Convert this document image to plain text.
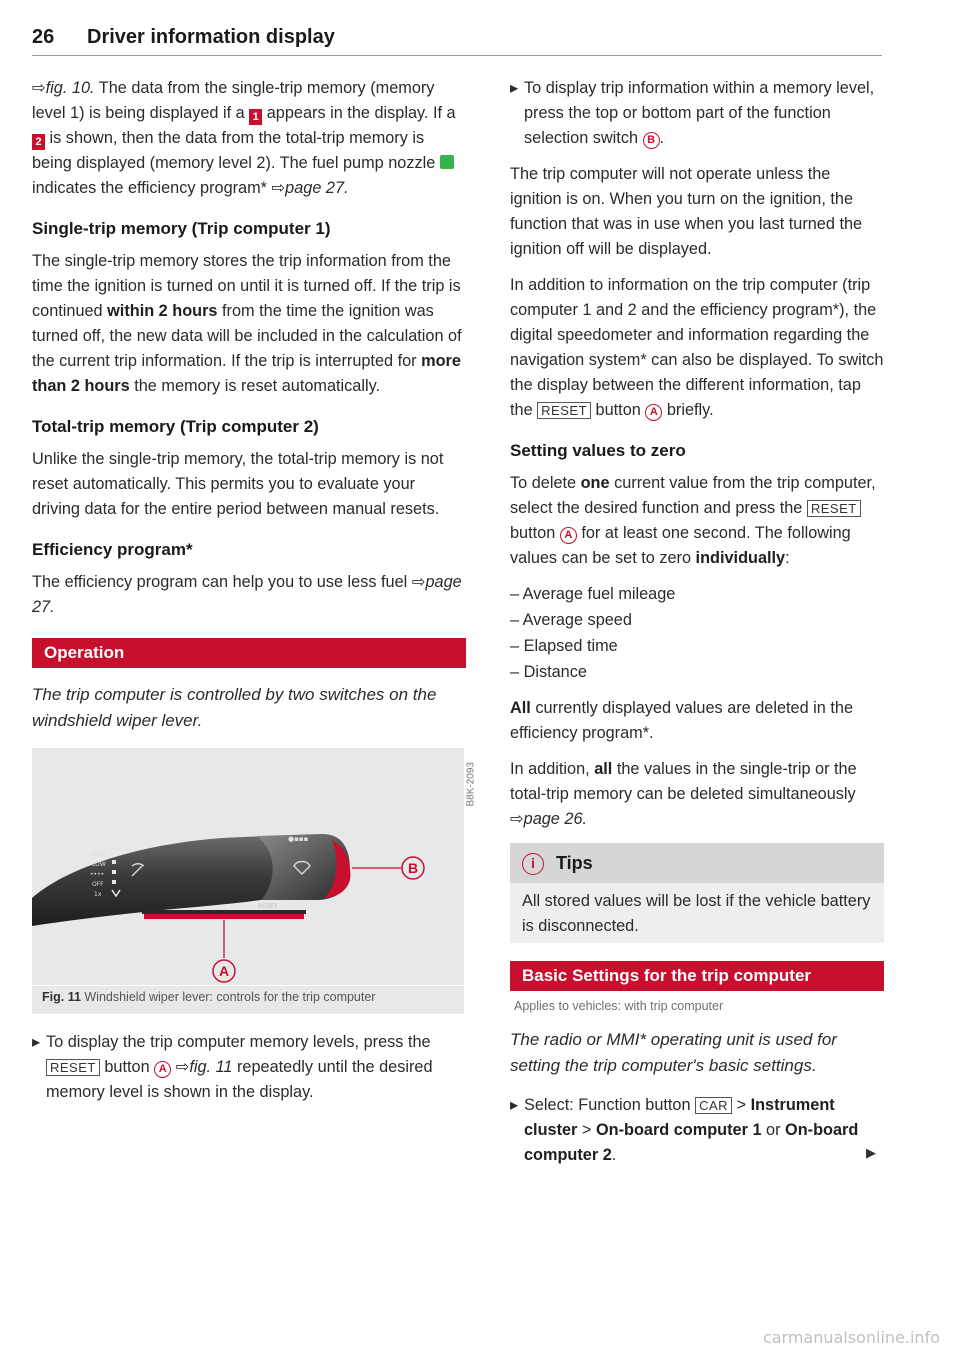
26 Driver information display

⇨fig. 10. The data from the single-trip memory (memory level 1) is being displayed if a 1 appears in the display. If a 2 is shown, then the data from the total-trip memory is being displayed (memory level 2). The fuel pump nozzle  indicates the efficiency program* ⇨page 27.

Single-trip memory (Trip computer 1)

The single-trip memory stores the trip information from the time the ignition is turned on until it is turned off. If the trip is continued within 2 hours from the time the ignition was turned off, the new data will be included in the calculation of the current trip information. If the trip is interrupted for more than 2 hours the memory is reset automatically.

Total-trip memory (Trip computer 2)

Unlike the single-trip memory, the total-trip memory is not reset automatically. This permits you to evaluate your driving data for the entire period between manual resets.

Efficiency program*

The efficiency program can help you to use less fuel ⇨page 27.

Operation

The trip computer is controlled by two switches on the windshield wiper lever.

HIGH
LOW
••••
OFF
1x
RESET
●▪▪▪
B
A
B8K-2093
Fig. 11 Windshield wiper lever: controls for the trip computer
▸ To display the trip computer memory levels, press the RESET button A ⇨fig. 11 repeatedly until the desired memory level is shown in the display.
▸ To display trip information within a memory level, press the top or bottom part of the function selection switch B .

The trip computer will not operate unless the ignition is on. When you turn on the ignition, the function that was in use when you last turned the ignition off will be displayed.

In addition to information on the trip computer (trip computer 1 and 2 and the efficiency program*), the digital speedometer and information regarding the navigation system* can also be displayed. To switch the display between the different information, tap the RESET button A briefly.

Setting values to zero

To delete one current value from the trip computer, select the desired function and press the RESET button A for at least one second. The following values can be set to zero individually:

– Average fuel mileage
– Average speed
– Elapsed time
– Distance

All currently displayed values are deleted in the efficiency program*.

In addition, all the values in the single-trip or the total-trip memory can be deleted simultaneously ⇨page 26.

i Tips
All stored values will be lost if the vehicle battery is disconnected.
Basic Settings for the trip computer
Applies to vehicles: with trip computer

The radio or MMI* operating unit is used for setting the trip computer's basic settings.

▸ Select: Function button CAR > Instrument cluster > On-board computer 1 or On-board computer 2.	▶
carmanualsonline.info
